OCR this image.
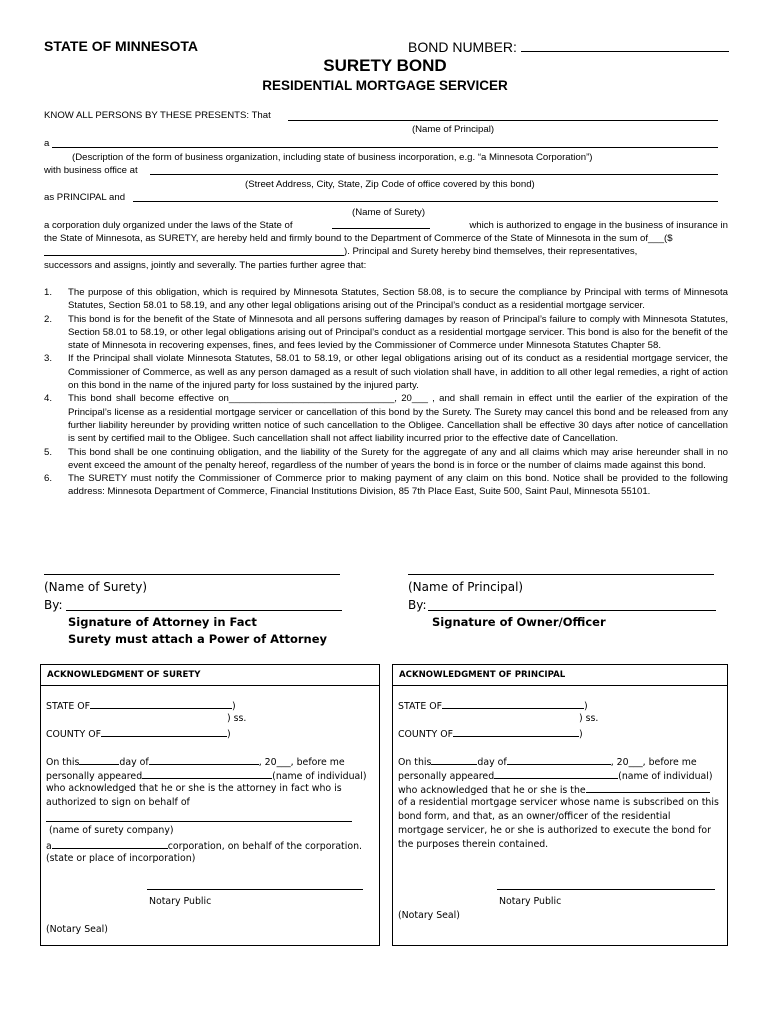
STATE OF MINNESOTA	BOND NUMBER:
SURETY BOND
RESIDENTIAL MORTGAGE SERVICER
KNOW ALL PERSONS BY THESE PRESENTS: That
(Name of Principal)
a
(Description of the form of business organization, including state of business incorporation, e.g. “a Minnesota Corporation”)
with business office at
(Street Address, City, State, Zip Code of office covered by this bond)
as PRINCIPAL and
(Name of Surety)
a corporation duly organized under the laws of the State of	which is authorized to engage in the business of insurance in
the State of Minnesota, as SURETY, are hereby held and firmly bound to the Department of Commerce of the State of Minnesota in the sum of___($
). Principal and Surety hereby bind themselves, their representatives,
successors and assigns, jointly and severally. The parties further agree that:
1.	The purpose of this obligation, which is required by Minnesota Statutes, Section 58.08, is to secure the compliance by Principal with terms of Minnesota Statutes, Section 58.01 to 58.19, and any other legal obligations arising out of the Principal’s conduct as a residential mortgage servicer.
2.	This bond is for the benefit of the State of Minnesota and all persons suffering damages by reason of Principal’s failure to comply with Minnesota Statutes, Section 58.01 to 58.19, or other legal obligations arising out of Principal’s conduct as a residential mortgage servicer. This bond is also for the benefit of the state of Minnesota in recovering expenses, fines, and fees levied by the Commissioner of Commerce under Minnesota Statutes Chapter 58.
3.	If the Principal shall violate Minnesota Statutes, 58.01 to 58.19, or other legal obligations arising out of its conduct as a residential mortgage servicer, the Commissioner of Commerce, as well as any person damaged as a result of such violation shall have, in addition to all other legal remedies, a right of action on this bond in the name of the injured party for loss sustained by the injured party.
4.	This bond shall become effective on_______________________________, 20___ , and shall remain in effect until the earlier of the expiration of the Principal’s license as a residential mortgage servicer or cancellation of this bond by the Surety. The Surety may cancel this bond and be released from any further liability hereunder by providing written notice of such cancellation to the Obligee. Cancellation shall be effective 30 days after notice of cancellation is sent by certified mail to the Obligee. Such cancellation shall not affect liability incurred prior to the effective date of Cancellation.
5.	This bond shall be one continuing obligation, and the liability of the Surety for the aggregate of any and all claims which may arise hereunder shall in no event exceed the amount of the penalty hereof, regardless of the number of years the bond is in force or the number of claims made against this bond.
6.	The SURETY must notify the Commissioner of Commerce prior to making payment of any claim on this bond. Notice shall be provided to the following address: Minnesota Department of Commerce, Financial Institutions Division, 85 7th Place East, Suite 500, Saint Paul, Minnesota 55101.
(Name of Surety)
By:
Signature of Attorney in Fact
Surety must attach a Power of Attorney
(Name of Principal)
By:
Signature of Owner/Officer
ACKNOWLEDGMENT OF SURETY
STATE OF	)
) ss.
COUNTY OF	)
On this	day of	, 20___, before me
personally appeared	(name of individual)
who acknowledged that he or she is the attorney in fact who is
authorized to sign on behalf of
(name of surety company)
a	corporation, on behalf of the corporation.
(state or place of incorporation)
Notary Public
(Notary Seal)
ACKNOWLEDGMENT OF PRINCIPAL
STATE OF	)
) ss.
COUNTY OF	)
On this	day of	, 20___, before me
personally appeared	(name of individual)
who acknowledged that he or she is the
of a residential mortgage servicer whose name is subscribed on this
bond form, and that, as an owner/officer of the residential
mortgage servicer, he or she is authorized to execute the bond for
the purposes therein contained.
Notary Public
(Notary Seal)
